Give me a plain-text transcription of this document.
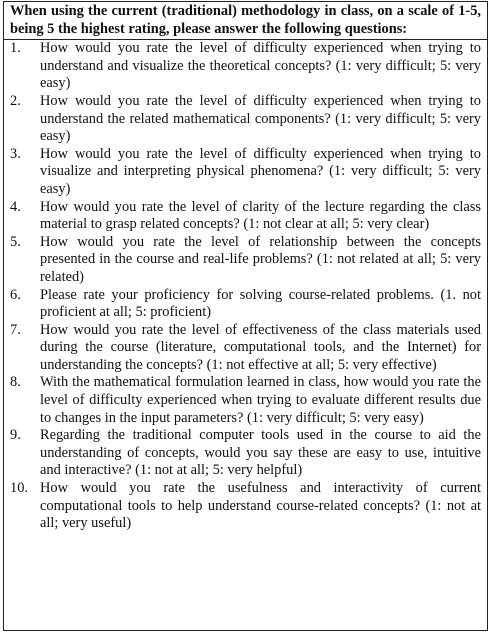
When using the current (traditional) methodology in class, on a scale of 1-5, being 5 the highest rating, please answer the following questions:
1. How would you rate the level of difficulty experienced when trying to understand and visualize the theoretical concepts? (1: very difficult; 5: very easy)
2. How would you rate the level of difficulty experienced when trying to understand the related mathematical components? (1: very difficult; 5: very easy)
3. How would you rate the level of difficulty experienced when trying to visualize and interpreting physical phenomena? (1: very difficult; 5: very easy)
4. How would you rate the level of clarity of the lecture regarding the class material to grasp related concepts? (1: not clear at all; 5: very clear)
5. How would you rate the level of relationship between the concepts presented in the course and real-life problems? (1: not related at all; 5: very related)
6. Please rate your proficiency for solving course-related problems. (1. not proficient at all; 5: proficient)
7. How would you rate the level of effectiveness of the class materials used during the course (literature, computational tools, and the Internet) for understanding the concepts? (1: not effective at all; 5: very effective)
8. With the mathematical formulation learned in class, how would you rate the level of difficulty experienced when trying to evaluate different results due to changes in the input parameters? (1: very difficult; 5: very easy)
9. Regarding the traditional computer tools used in the course to aid the understanding of concepts, would you say these are easy to use, intuitive and interactive? (1: not at all; 5: very helpful)
10. How would you rate the usefulness and interactivity of current computational tools to help understand course-related concepts? (1: not at all; very useful)
